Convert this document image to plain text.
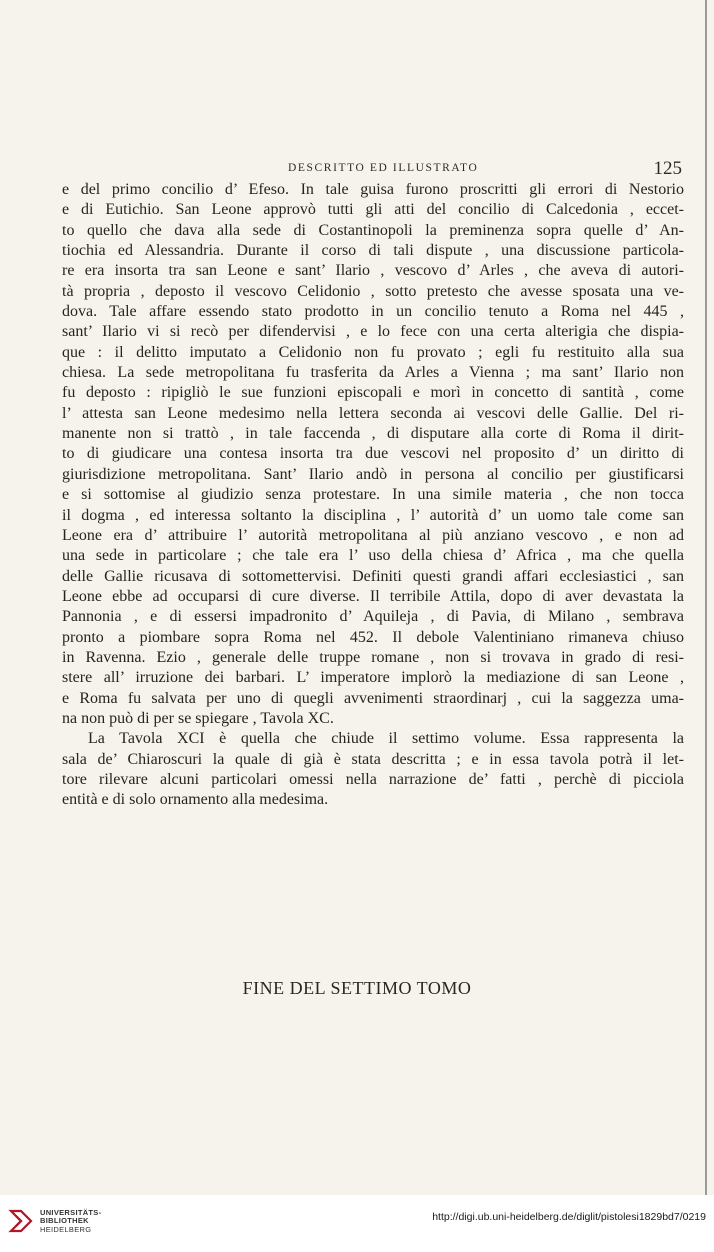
DESCRITTO ED ILLUSTRATO	125
e del primo concilio d’ Efeso. In tale guisa furono proscritti gli errori di Nestorio
e di Eutichio. San Leone approvò tutti gli atti del concilio di Calcedonia , eccet-
to quello che dava alla sede di Costantinopoli la preminenza sopra quelle d’ An-
tiochia ed Alessandria. Durante il corso di tali dispute , una discussione particola-
re era insorta tra san Leone e sant’ Ilario , vescovo d’ Arles , che aveva di autori-
tà propria , deposto il vescovo Celidonio , sotto pretesto che avesse sposata una ve-
dova. Tale affare essendo stato prodotto in un concilio tenuto a Roma nel 445 ,
sant’ Ilario vi si recò per difendervisi , e lo fece con una certa alterigia che dispia-
que : il delitto imputato a Celidonio non fu provato ; egli fu restituito alla sua
chiesa. La sede metropolitana fu trasferita da Arles a Vienna ; ma sant’ Ilario non
fu deposto : ripigliò le sue funzioni episcopali e morì in concetto di santità , come
l’ attesta san Leone medesimo nella lettera seconda ai vescovi delle Gallie. Del ri-
manente non si trattò , in tale faccenda , di disputare alla corte di Roma il dirit-
to di giudicare una contesa insorta tra due vescovi nel proposito d’ un diritto di
giurisdizione metropolitana. Sant’ Ilario andò in persona al concilio per giustificarsi
e si sottomise al giudizio senza protestare. In una simile materia , che non tocca
il dogma , ed interessa soltanto la disciplina , l’ autorità d’ un uomo tale come san
Leone era d’ attribuire l’ autorità metropolitana al più anziano vescovo , e non ad
una sede in particolare ; che tale era l’ uso della chiesa d’ Africa , ma che quella
delle Gallie ricusava di sottomettervisi. Definiti questi grandi affari ecclesiastici , san
Leone ebbe ad occuparsi di cure diverse. Il terribile Attila, dopo di aver devastata la
Pannonia , e di essersi impadronito d’ Aquileja , di Pavia, di Milano , sembrava
pronto a piombare sopra Roma nel 452. Il debole Valentiniano rimaneva chiuso
in Ravenna. Ezio , generale delle truppe romane , non si trovava in grado di resi-
stere all’ irruzione dei barbari. L’ imperatore implorò la mediazione di san Leone ,
e Roma fu salvata per uno di quegli avvenimenti straordinarj , cui la saggezza uma-
na non può di per se spiegare , Tavola XC.
La Tavola XCI è quella che chiude il settimo volume. Essa rappresenta la
sala de’ Chiaroscuri la quale di già è stata descritta ; e in essa tavola potrà il let-
tore rilevare alcuni particolari omessi nella narrazione de’ fatti , perchè di picciola
entità e di solo ornamento alla medesima.
FINE DEL SETTIMO TOMO
UNIVERSITÄTS-
BIBLIOTHEK
HEIDELBERG
http://digi.ub.uni-heidelberg.de/diglit/pistolesi1829bd7/0219
